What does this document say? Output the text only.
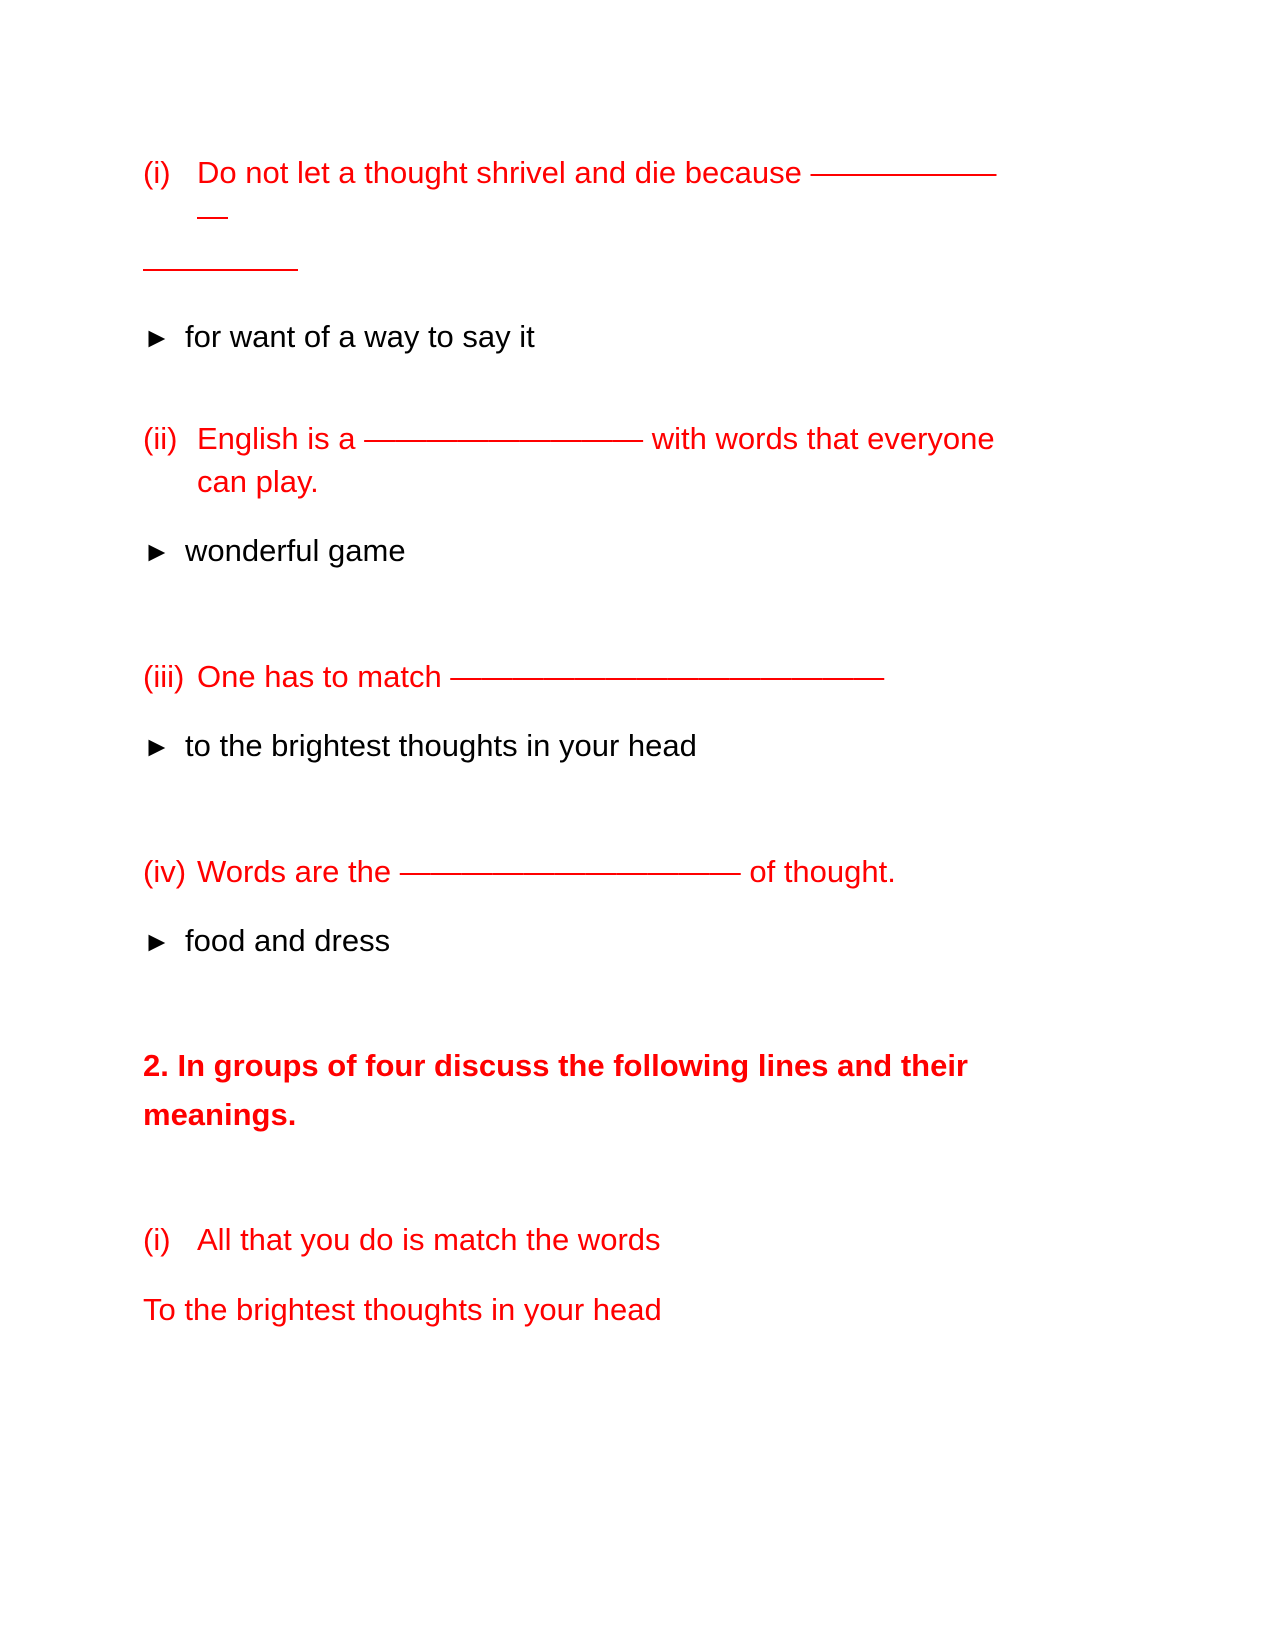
(i) Do not let a thought shrivel and die because ——————
—
—————
► for want of a way to say it
(ii) English is a ————————— with words that everyone
can play.
► wonderful game
(iii) One has to match ——————————————
► to the brightest thoughts in your head
(iv) Words are the ——————————— of thought.
► food and dress
2. In groups of four discuss the following lines and their
meanings.
(i) All that you do is match the words
To the brightest thoughts in your head
